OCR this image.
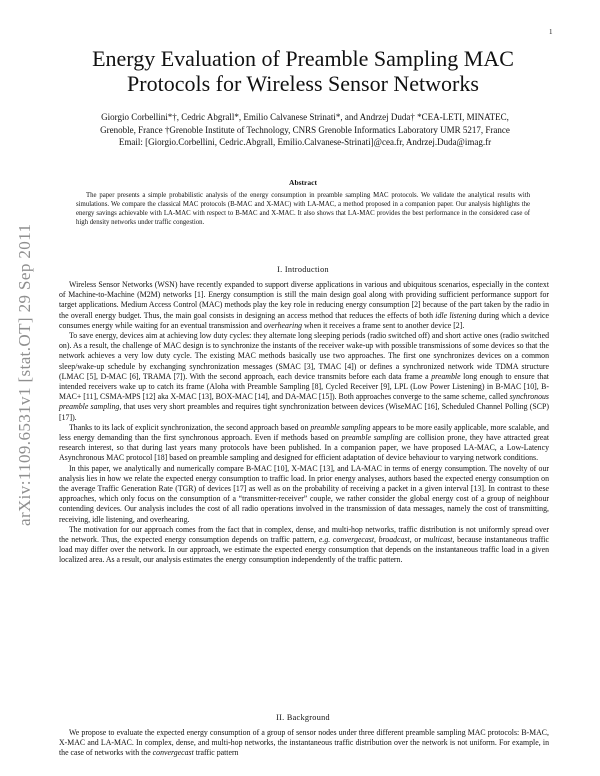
1
arXiv:1109.6531v1 [stat.OT] 29 Sep 2011
Energy Evaluation of Preamble Sampling MAC Protocols for Wireless Sensor Networks
Giorgio Corbellini*†, Cedric Abgrall*, Emilio Calvanese Strinati*, and Andrzej Duda† *CEA-LETI, MINATEC,
Grenoble, France †Grenoble Institute of Technology, CNRS Grenoble Informatics Laboratory UMR 5217, France
Email: [Giorgio.Corbellini, Cedric.Abgrall, Emilio.Calvanese-Strinati]@cea.fr, Andrzej.Duda@imag.fr
Abstract

The paper presents a simple probabilistic analysis of the energy consumption in preamble sampling MAC protocols. We validate the analytical results with simulations. We compare the classical MAC protocols (B-MAC and X-MAC) with LA-MAC, a method proposed in a companion paper. Our analysis highlights the energy savings achievable with LA-MAC with respect to B-MAC and X-MAC. It also shows that LA-MAC provides the best performance in the considered case of high density networks under traffic congestion.

I. Introduction

Wireless Sensor Networks (WSN) have recently expanded to support diverse applications in various and ubiquitous scenarios, especially in the context of Machine-to-Machine (M2M) networks [1]. Energy consumption is still the main design goal along with providing sufficient performance support for target applications. Medium Access Control (MAC) methods play the key role in reducing energy consumption [2] because of the part taken by the radio in the overall energy budget. Thus, the main goal consists in designing an access method that reduces the effects of both idle listening during which a device consumes energy while waiting for an eventual transmission and overhearing when it receives a frame sent to another device [2].

To save energy, devices aim at achieving low duty cycles: they alternate long sleeping periods (radio switched off) and short active ones (radio switched on). As a result, the challenge of MAC design is to synchronize the instants of the receiver wake-up with possible transmissions of some devices so that the network achieves a very low duty cycle. The existing MAC methods basically use two approaches. The first one synchronizes devices on a common sleep/wake-up schedule by exchanging synchronization messages (SMAC [3], TMAC [4]) or defines a synchronized network wide TDMA structure (LMAC [5], D-MAC [6], TRAMA [7]). With the second approach, each device transmits before each data frame a preamble long enough to ensure that intended receivers wake up to catch its frame (Aloha with Preamble Sampling [8], Cycled Receiver [9], LPL (Low Power Listening) in B-MAC [10], B-MAC+ [11], CSMA-MPS [12] aka X-MAC [13], BOX-MAC [14], and DA-MAC [15]). Both approaches converge to the same scheme, called synchronous preamble sampling, that uses very short preambles and requires tight synchronization between devices (WiseMAC [16], Scheduled Channel Polling (SCP) [17]).

Thanks to its lack of explicit synchronization, the second approach based on preamble sampling appears to be more easily applicable, more scalable, and less energy demanding than the first synchronous approach. Even if methods based on preamble sampling are collision prone, they have attracted great research interest, so that during last years many protocols have been published. In a companion paper, we have proposed LA-MAC, a Low-Latency Asynchronous MAC protocol [18] based on preamble sampling and designed for efficient adaptation of device behaviour to varying network conditions.

In this paper, we analytically and numerically compare B-MAC [10], X-MAC [13], and LA-MAC in terms of energy consumption. The novelty of our analysis lies in how we relate the expected energy consumption to traffic load. In prior energy analyses, authors based the expected energy consumption on the average Traffic Generation Rate (TGR) of devices [17] as well as on the probability of receiving a packet in a given interval [13]. In contrast to these approaches, which only focus on the consumption of a “transmitter-receiver” couple, we rather consider the global energy cost of a group of neighbour contending devices. Our analysis includes the cost of all radio operations involved in the transmission of data messages, namely the cost of transmitting, receiving, idle listening, and overhearing.

The motivation for our approach comes from the fact that in complex, dense, and multi-hop networks, traffic distribution is not uniformly spread over the network. Thus, the expected energy consumption depends on traffic pattern, e.g. convergecast, broadcast, or multicast, because instantaneous traffic load may differ over the network. In our approach, we estimate the expected energy consumption that depends on the instantaneous traffic load in a given localized area. As a result, our analysis estimates the energy consumption independently of the traffic pattern.

II. Background

We propose to evaluate the expected energy consumption of a group of sensor nodes under three different preamble sampling MAC protocols: B-MAC, X-MAC and LA-MAC. In complex, dense, and multi-hop networks, the instantaneous traffic distribution over the network is not uniform. For example, in the case of networks with the convergecast traffic pattern
